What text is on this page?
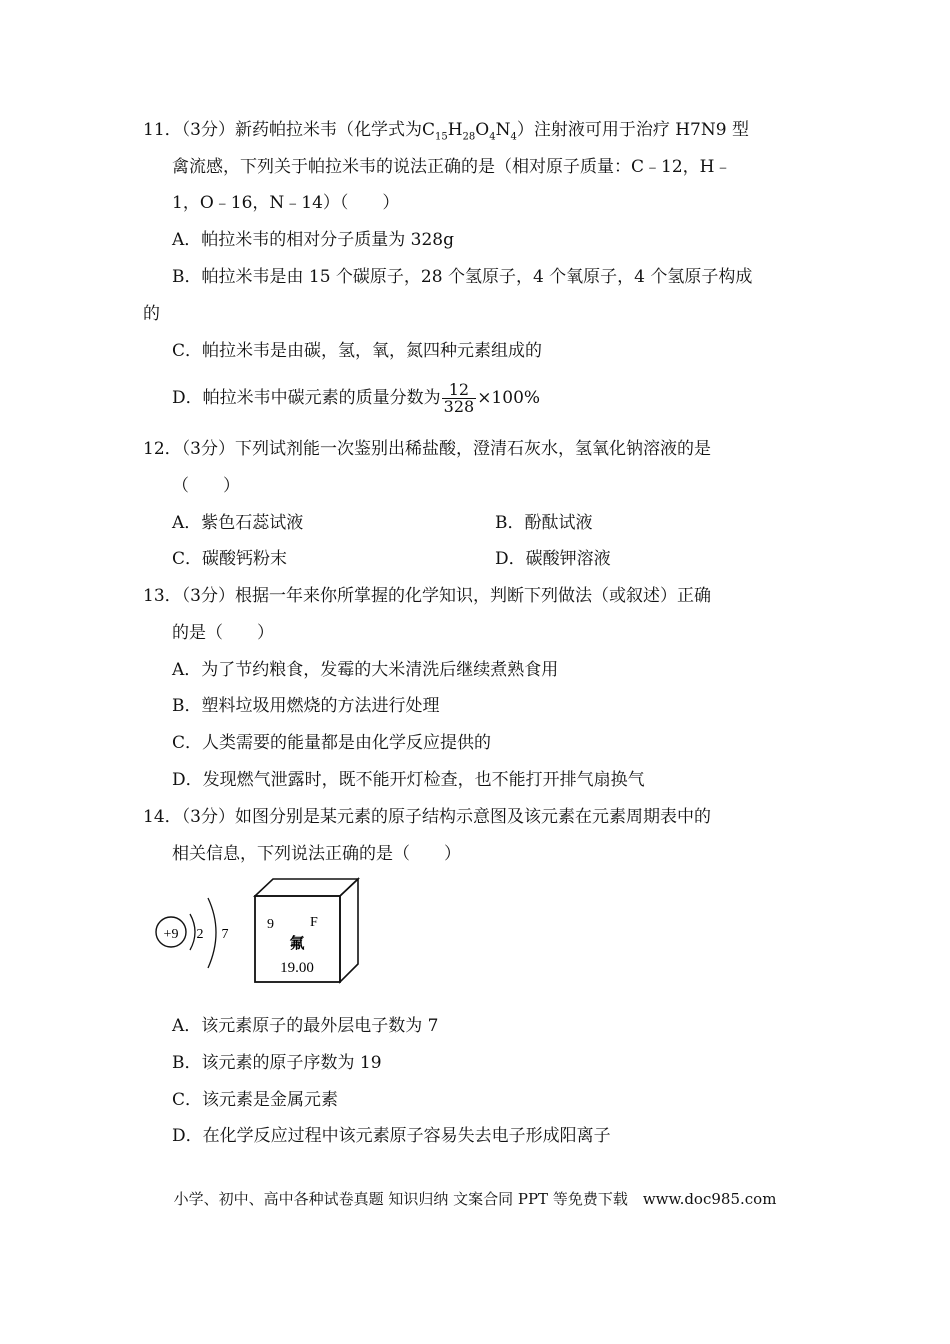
11．（3分）新药帕拉米韦（化学式为$C_{15}H_{28}O_4N_4$）注射液可用于治疗 H7N9 型
禽流感，下列关于帕拉米韦的说法正确的是（相对原子质量：C﹣12，H﹣
1，O﹣16，N﹣14）（　　）
A．帕拉米韦的相对分子质量为 328g
B．帕拉米韦是由 15 个碳原子，28 个氢原子，4 个氧原子，4 个氢原子构成
的
C．帕拉米韦是由碳，氢，氧，氮四种元素组成的
D．帕拉米韦中碳元素的质量分数为 $\frac{12}{328} \times 100\%$
12．（3分）下列试剂能一次鉴别出稀盐酸，澄清石灰水，氢氧化钠溶液的是
（　　）
A．紫色石蕊试液	B．酚酞试液
C．碳酸钙粉末	D．碳酸钾溶液
13．（3分）根据一年来你所掌握的化学知识，判断下列做法（或叙述）正确
的是（　　）
A．为了节约粮食，发霉的大米清洗后继续煮熟食用
B．塑料垃圾用燃烧的方法进行处理
C．人类需要的能量都是由化学反应提供的
D．发现燃气泄露时，既不能开灯检查，也不能打开排气扇换气
14．（3分）如图分别是某元素的原子结构示意图及该元素在元素周期表中的
相关信息，下列说法正确的是（　　）
+9 2 7
9	F
氟
19.00
A．该元素原子的最外层电子数为 7
B．该元素的原子序数为 19
C．该元素是金属元素
D．在化学反应过程中该元素原子容易失去电子形成阳离子
小学、初中、高中各种试卷真题 知识归纳 文案合同 PPT 等免费下载　www.doc985.com
